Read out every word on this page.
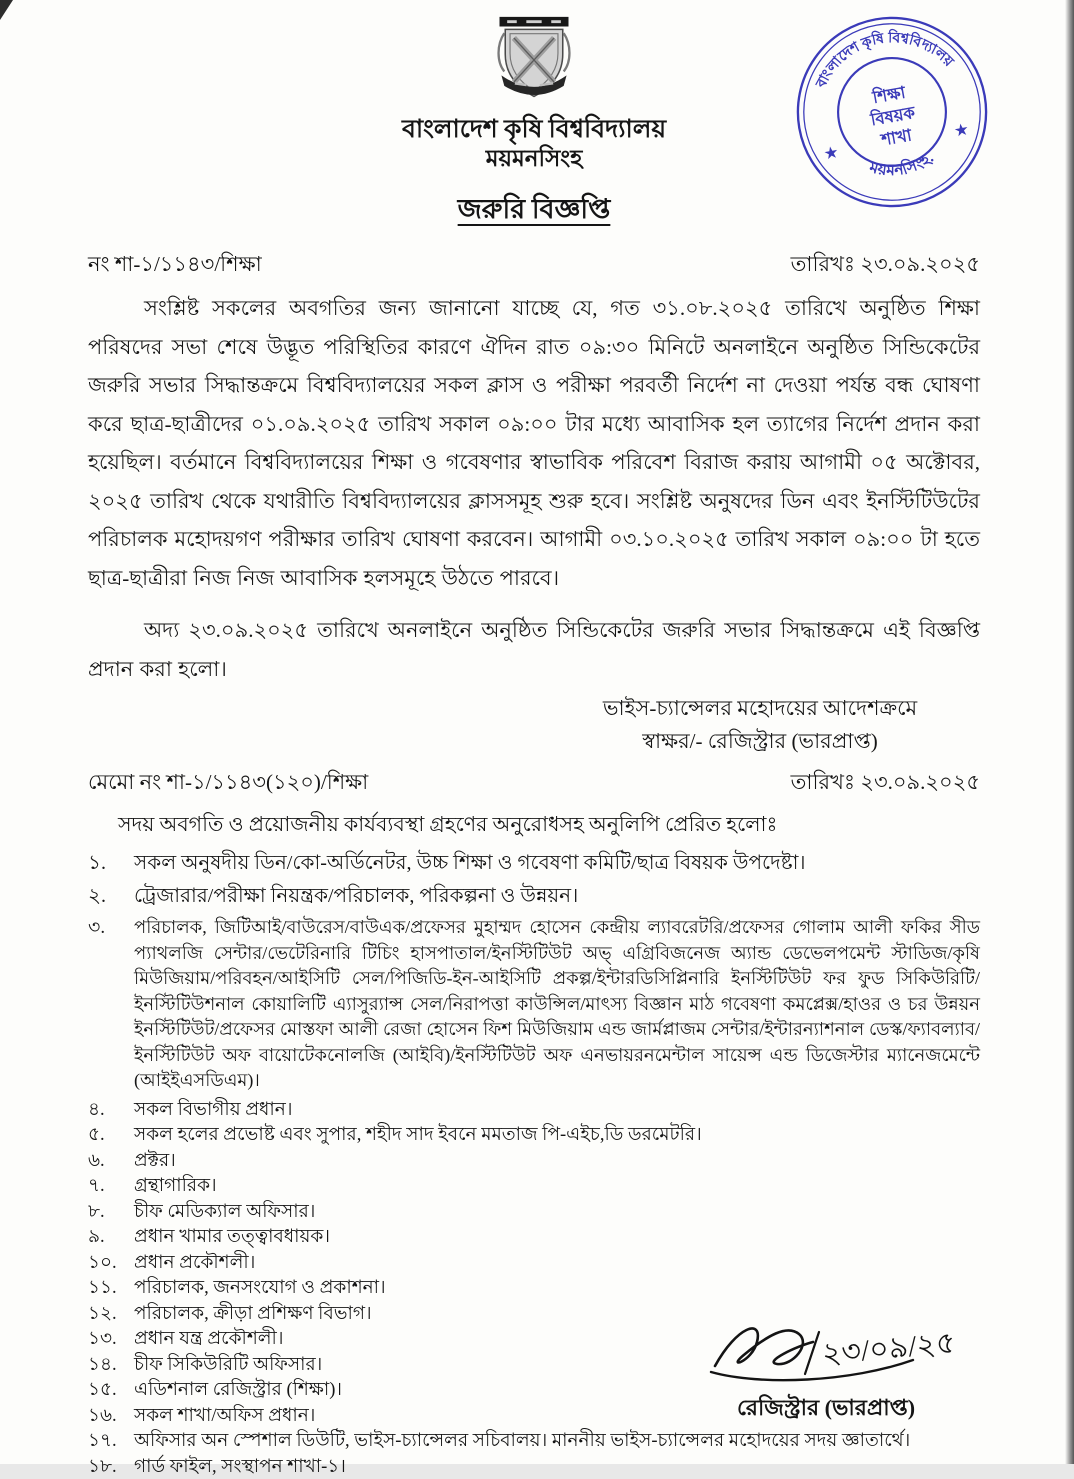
বাংলাদেশ কৃষি বিশ্ববিদ্যালয়
ময়মনসিংহ.
★
★
শিক্ষা
বিষয়ক
শাখা
বাংলাদেশ কৃষি বিশ্ববিদ্যালয়
ময়মনসিংহ
জরুরি বিজ্ঞপ্তি
নং শা-১/১১৪৩/শিক্ষা	তারিখঃ ২৩.০৯.২০২৫

সংশ্লিষ্ট সকলের অবগতির জন্য জানানো যাচ্ছে যে, গত ৩১.০৮.২০২৫ তারিখে অনুষ্ঠিত শিক্ষা পরিষদের সভা শেষে উদ্ভূত পরিস্থিতির কারণে ঐদিন রাত ০৯:৩০ মিনিটে অনলাইনে অনুষ্ঠিত সিন্ডিকেটের জরুরি সভার সিদ্ধান্তক্রমে বিশ্ববিদ্যালয়ের সকল ক্লাস ও পরীক্ষা পরবর্তী নির্দেশ না দেওয়া পর্যন্ত বন্ধ ঘোষণা করে ছাত্র-ছাত্রীদের ০১.০৯.২০২৫ তারিখ সকাল ০৯:০০ টার মধ্যে আবাসিক হল ত্যাগের নির্দেশ প্রদান করা হয়েছিল। বর্তমানে বিশ্ববিদ্যালয়ের শিক্ষা ও গবেষণার স্বাভাবিক পরিবেশ বিরাজ করায় আগামী ০৫ অক্টোবর, ২০২৫ তারিখ থেকে যথারীতি বিশ্ববিদ্যালয়ের ক্লাসসমূহ শুরু হবে। সংশ্লিষ্ট অনুষদের ডিন এবং ইনস্টিটিউটের পরিচালক মহোদয়গণ পরীক্ষার তারিখ ঘোষণা করবেন। আগামী ০৩.১০.২০২৫ তারিখ সকাল ০৯:০০ টা হতে ছাত্র-ছাত্রীরা নিজ নিজ আবাসিক হলসমূহে উঠতে পারবে।

অদ্য ২৩.০৯.২০২৫ তারিখে অনলাইনে অনুষ্ঠিত সিন্ডিকেটের জরুরি সভার সিদ্ধান্তক্রমে এই বিজ্ঞপ্তি প্রদান করা হলো।

ভাইস-চ্যান্সেলর মহোদয়ের আদেশক্রমে
স্বাক্ষর/- রেজিস্ট্রার (ভারপ্রাপ্ত)
মেমো নং শা-১/১১৪৩(১২০)/শিক্ষা	তারিখঃ ২৩.০৯.২০২৫
সদয় অবগতি ও প্রয়োজনীয় কার্যব্যবস্থা গ্রহণের অনুরোধসহ অনুলিপি প্রেরিত হলোঃ
১.	সকল অনুষদীয় ডিন/কো-অর্ডিনেটর, উচ্চ শিক্ষা ও গবেষণা কমিটি/ছাত্র বিষয়ক উপদেষ্টা।
২.	ট্রেজারার/পরীক্ষা নিয়ন্ত্রক/পরিচালক, পরিকল্পনা ও উন্নয়ন।
৩.	পরিচালক, জিটিআই/বাউরেস/বাউএক/প্রফেসর মুহাম্মদ হোসেন কেন্দ্রীয় ল্যাবরেটরি/প্রফেসর গোলাম আলী ফকির সীড প্যাথলজি সেন্টার/ভেটেরিনারি টিচিং হাসপাতাল/ইনস্টিটিউট অভ্‌ এগ্রিবিজনেজ অ্যান্ড ডেভেলপমেন্ট স্টাডিজ/কৃষি মিউজিয়াম/পরিবহন/আইসিটি সেল/পিজিডি-ইন-আইসিটি প্রকল্প/ইন্টারডিসিপ্লিনারি ইনস্টিটিউট ফর ফুড সিকিউরিটি/ইনস্টিটিউশনাল কোয়ালিটি এ্যাসুর‍্যান্স সেল/নিরাপত্তা কাউন্সিল/মাৎস্য বিজ্ঞান মাঠ গবেষণা কমপ্লেক্স/হাওর ও চর উন্নয়ন ইনস্টিটিউট/প্রফেসর মোস্তফা আলী রেজা হোসেন ফিশ মিউজিয়াম এন্ড জার্মপ্লাজম সেন্টার/ইন্টারন্যাশনাল ডেস্ক/ফ্যাবল্যাব/ ইনস্টিটিউট অফ বায়োটেকনোলজি (আইবি)/ইনস্টিটিউট অফ এনভায়রনমেন্টাল সায়েন্স এন্ড ডিজেস্টার ম্যানেজমেন্টে (আইইএসডিএম)।
৪.	সকল বিভাগীয় প্রধান।
৫.	সকল হলের প্রভোষ্ট এবং সুপার, শহীদ সাদ ইবনে মমতাজ পি-এইচ,ডি ডরমেটরি।
৬.	প্রক্টর।
৭.	গ্রন্থাগারিক।
৮.	চীফ মেডিক্যাল অফিসার।
৯.	প্রধান খামার তত্ত্বাবধায়ক।
১০. প্রধান প্রকৌশলী।
১১. পরিচালক, জনসংযোগ ও প্রকাশনা।
১২. পরিচালক, ক্রীড়া প্রশিক্ষণ বিভাগ।
১৩. প্রধান যন্ত্র প্রকৌশলী।
১৪. চীফ সিকিউরিটি অফিসার।
১৫. এডিশনাল রেজিস্ট্রার (শিক্ষা)।
১৬. সকল শাখা/অফিস প্রধান।
১৭. অফিসার অন স্পেশাল ডিউটি, ভাইস-চ্যান্সেলর সচিবালয়। মাননীয় ভাইস-চ্যান্সেলর মহোদয়ের সদয় জ্ঞাতার্থে।
১৮. গার্ড ফাইল, সংস্থাপন শাখা-১।
২৩/০৯/২৫
রেজিস্ট্রার (ভারপ্রাপ্ত)
